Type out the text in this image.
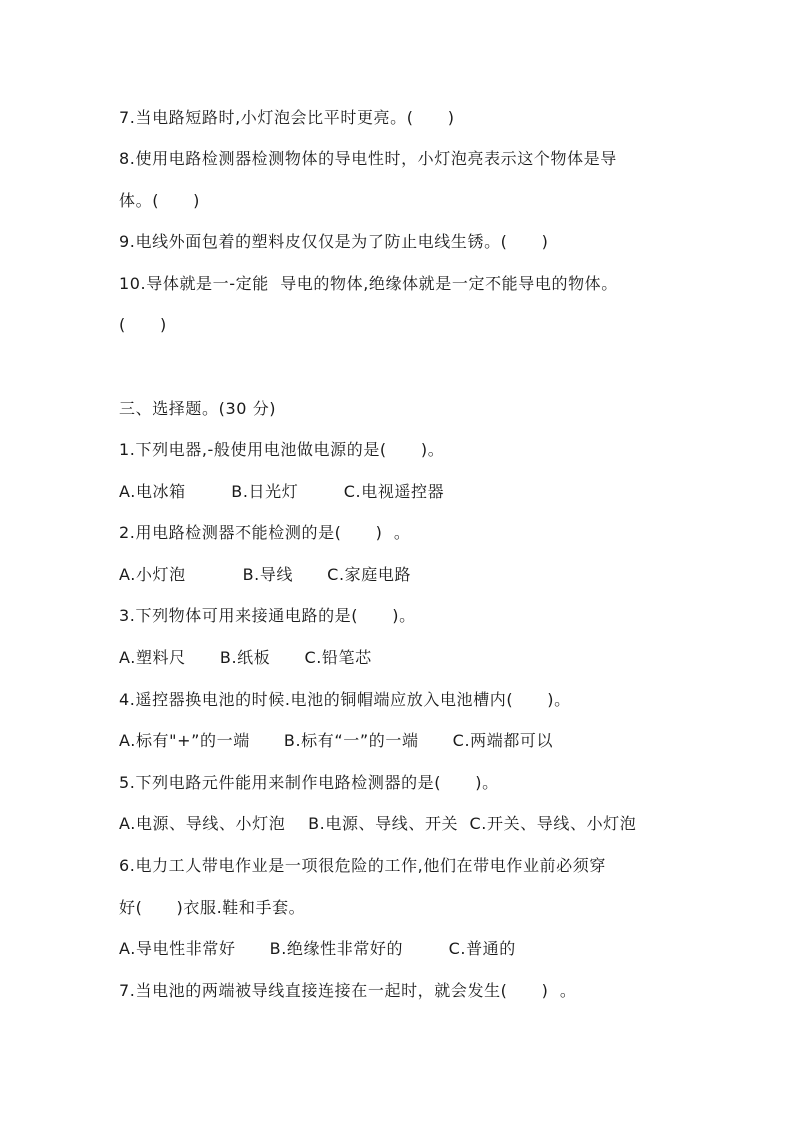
7.当电路短路时,小灯泡会比平时更亮。(      )
8.使用电路检测器检测物体的导电性时，小灯泡亮表示这个物体是导
体。(      )
9.电线外面包着的塑料皮仅仅是为了防止电线生锈。(      )
10.导体就是一-定能  导电的物体,绝缘体就是一定不能导电的物体。
(      )
三、选择题。(30 分)
1.下列电器,-般使用电池做电源的是(      )。
A.电冰箱        B.日光灯        C.电视遥控器
2.用电路检测器不能检测的是(      )  。
A.小灯泡          B.导线      C.家庭电路
3.下列物体可用来接通电路的是(      )。
A.塑料尺      B.纸板      C.铅笔芯
4.遥控器换电池的时候.电池的铜帽端应放入电池槽内(      )。
A.标有"+”的一端      B.标有“一”的一端      C.两端都可以
5.下列电路元件能用来制作电路检测器的是(      )。
A.电源、导线、小灯泡    B.电源、导线、开关  C.开关、导线、小灯泡
6.电力工人带电作业是一项很危险的工作,他们在带电作业前必须穿
好(      )衣服.鞋和手套。
A.导电性非常好      B.绝缘性非常好的        C.普通的
7.当电池的两端被导线直接连接在一起时，就会发生(      )  。
